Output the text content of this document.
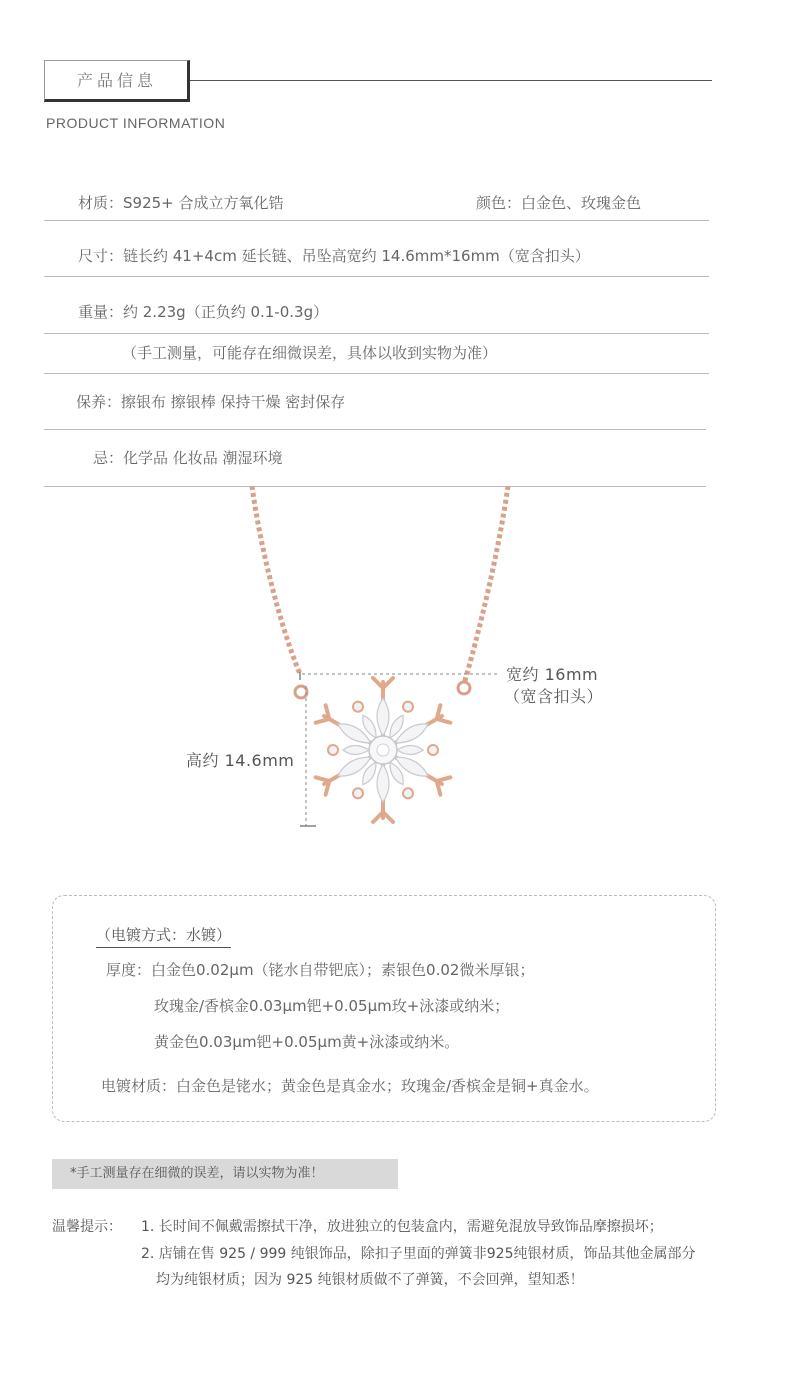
产品信息
PRODUCT INFORMATION
材质：S925+ 合成立方氧化锆	颜色：白金色、玫瑰金色
尺寸：链长约 41+4cm 延长链、吊坠高宽约 14.6mm*16mm（宽含扣头）
重量：约 2.23g（正负约 0.1-0.3g）
（手工测量，可能存在细微误差，具体以收到实物为准）
保养：擦银布 擦银棒 保持干燥 密封保存
忌：化学品 化妆品 潮湿环境
宽约 16mm
（宽含扣头）
高约 14.6mm
（电镀方式：水镀）
厚度：白金色0.02μm（铑水自带钯底）；素银色0.02微米厚银；
玫瑰金/香槟金0.03μm钯+0.05μm玫+泳漆或纳米；
黄金色0.03μm钯+0.05μm黄+泳漆或纳米。
电镀材质：白金色是铑水；黄金色是真金水；玫瑰金/香槟金是铜+真金水。
*手工测量存在细微的误差，请以实物为准！
温馨提示： 1. 长时间不佩戴需擦拭干净，放进独立的包装盒内，需避免混放导致饰品摩擦损坏；
2. 店铺在售 925 / 999 纯银饰品，除扣子里面的弹簧非925纯银材质，饰品其他金属部分
均为纯银材质；因为 925 纯银材质做不了弹簧，不会回弹，望知悉！
